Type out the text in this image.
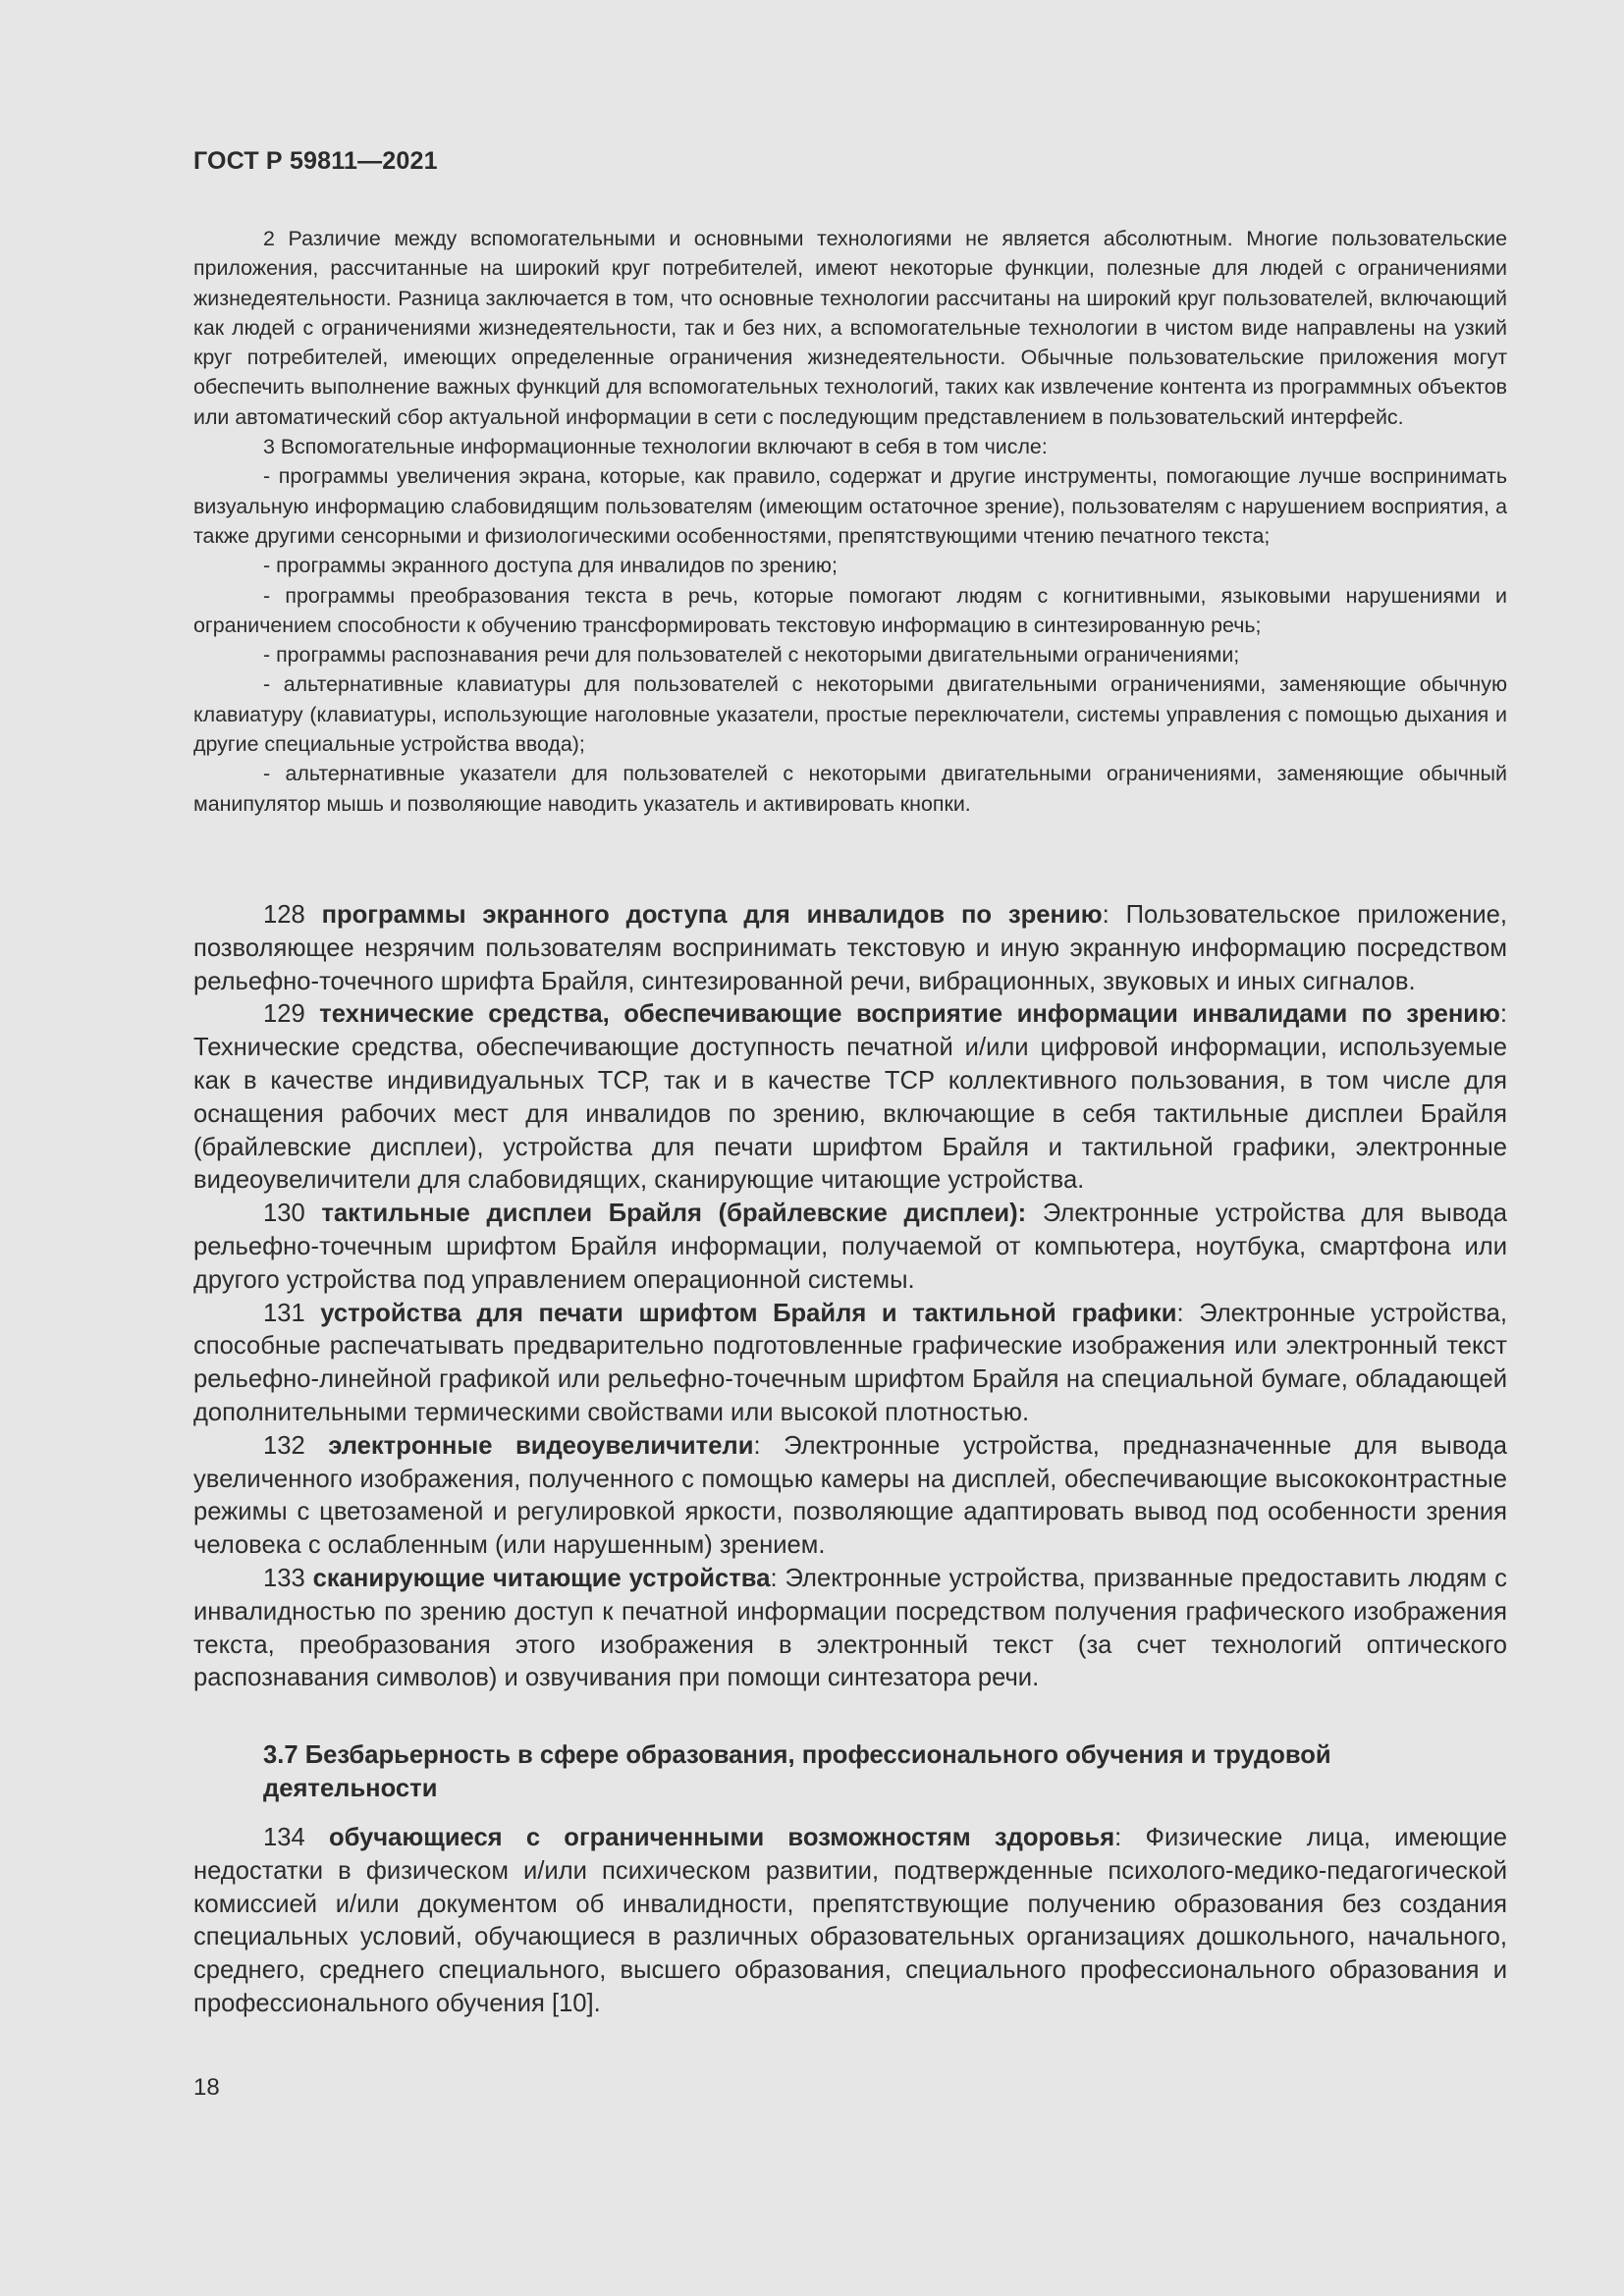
ГОСТ Р 59811—2021

2 Различие между вспомогательными и основными технологиями не является абсолютным. Многие пользовательские приложения, рассчитанные на широкий круг потребителей, имеют некоторые функции, полезные для людей с ограничениями жизнедеятельности. Разница заключается в том, что основные технологии рассчитаны на широкий круг пользователей, включающий как людей с ограничениями жизнедеятельности, так и без них, а вспомогательные технологии в чистом виде направлены на узкий круг потребителей, имеющих определенные ограничения жизнедеятельности. Обычные пользовательские приложения могут обеспечить выполнение важных функций для вспомогательных технологий, таких как извлечение контента из программных объектов или автоматический сбор актуальной информации в сети с последующим представлением в пользовательский интерфейс.

3 Вспомогательные информационные технологии включают в себя в том числе:

- программы увеличения экрана, которые, как правило, содержат и другие инструменты, помогающие лучше воспринимать визуальную информацию слабовидящим пользователям (имеющим остаточное зрение), пользователям с нарушением восприятия, а также другими сенсорными и физиологическими особенностями, препятствующими чтению печатного текста;

- программы экранного доступа для инвалидов по зрению;

- программы преобразования текста в речь, которые помогают людям с когнитивными, языковыми нарушениями и ограничением способности к обучению трансформировать текстовую информацию в синтезированную речь;

- программы распознавания речи для пользователей с некоторыми двигательными ограничениями;

- альтернативные клавиатуры для пользователей с некоторыми двигательными ограничениями, заменяющие обычную клавиатуру (клавиатуры, использующие наголовные указатели, простые переключатели, системы управления с помощью дыхания и другие специальные устройства ввода);

- альтернативные указатели для пользователей с некоторыми двигательными ограничениями, заменяющие обычный манипулятор мышь и позволяющие наводить указатель и активировать кнопки.

128 программы экранного доступа для инвалидов по зрению: Пользовательское приложение, позволяющее незрячим пользователям воспринимать текстовую и иную экранную информацию посредством рельефно-точечного шрифта Брайля, синтезированной речи, вибрационных, звуковых и иных сигналов.

129 технические средства, обеспечивающие восприятие информации инвалидами по зрению: Технические средства, обеспечивающие доступность печатной и/или цифровой информации, используемые как в качестве индивидуальных ТСР, так и в качестве ТСР коллективного пользования, в том числе для оснащения рабочих мест для инвалидов по зрению, включающие в себя тактильные дисплеи Брайля (брайлевские дисплеи), устройства для печати шрифтом Брайля и тактильной графики, электронные видеоувеличители для слабовидящих, сканирующие читающие устройства.

130 тактильные дисплеи Брайля (брайлевские дисплеи): Электронные устройства для вывода рельефно-точечным шрифтом Брайля информации, получаемой от компьютера, ноутбука, смартфона или другого устройства под управлением операционной системы.

131 устройства для печати шрифтом Брайля и тактильной графики: Электронные устройства, способные распечатывать предварительно подготовленные графические изображения или электронный текст рельефно-линейной графикой или рельефно-точечным шрифтом Брайля на специальной бумаге, обладающей дополнительными термическими свойствами или высокой плотностью.

132 электронные видеоувеличители: Электронные устройства, предназначенные для вывода увеличенного изображения, полученного с помощью камеры на дисплей, обеспечивающие высококонтрастные режимы с цветозаменой и регулировкой яркости, позволяющие адаптировать вывод под особенности зрения человека с ослабленным (или нарушенным) зрением.

133 сканирующие читающие устройства: Электронные устройства, призванные предоставить людям с инвалидностью по зрению доступ к печатной информации посредством получения графического изображения текста, преобразования этого изображения в электронный текст (за счет технологий оптического распознавания символов) и озвучивания при помощи синтезатора речи.

3.7 Безбарьерность в сфере образования, профессионального обучения и трудовой деятельности

134 обучающиеся с ограниченными возможностям здоровья: Физические лица, имеющие недостатки в физическом и/или психическом развитии, подтвержденные психолого-медико-педагогической комиссией и/или документом об инвалидности, препятствующие получению образования без создания специальных условий, обучающиеся в различных образовательных организациях дошкольного, начального, среднего, среднего специального, высшего образования, специального профессионального образования и профессионального обучения [10].

18
